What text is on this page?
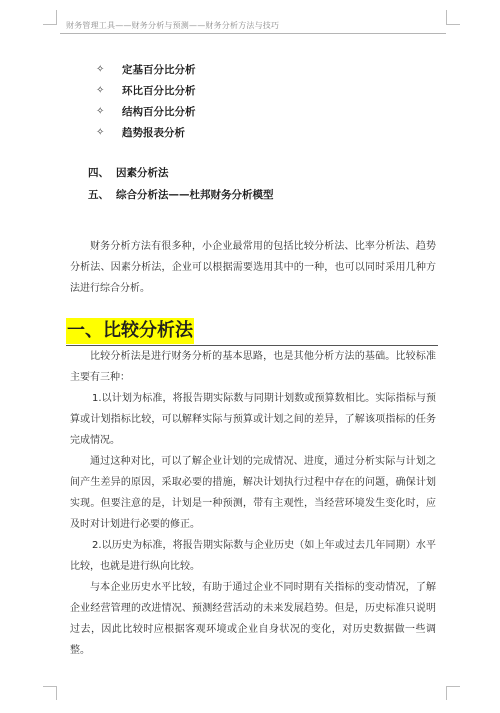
财务管理工具——财务分析与预测——财务分析方法与技巧
✧	定基百分比分析
✧	环比百分比分析
✧	结构百分比分析
✧	趋势报表分析
四、 因素分析法
五、 综合分析法——杜邦财务分析模型

财务分析方法有很多种，小企业最常用的包括比较分析法、比率分析法、趋势分析法、因素分析法，企业可以根据需要选用其中的一种，也可以同时采用几种方法进行综合分析。

一、比较分析法

比较分析法是进行财务分析的基本思路，也是其他分析方法的基础。比较标准主要有三种：

1.以计划为标准，将报告期实际数与同期计划数或预算数相比。实际指标与预算或计划指标比较，可以解释实际与预算或计划之间的差异，了解该项指标的任务完成情况。

通过这种对比，可以了解企业计划的完成情况、进度，通过分析实际与计划之间产生差异的原因，采取必要的措施，解决计划执行过程中存在的问题，确保计划实现。但要注意的是，计划是一种预测，带有主观性，当经营环境发生变化时，应及时对计划进行必要的修正。

2.以历史为标准，将报告期实际数与企业历史（如上年或过去几年同期）水平比较，也就是进行纵向比较。

与本企业历史水平比较，有助于通过企业不同时期有关指标的变动情况，了解企业经营管理的改进情况、预测经营活动的未来发展趋势。但是，历史标准只说明过去，因此比较时应根据客观环境或企业自身状况的变化，对历史数据做一些调整。
